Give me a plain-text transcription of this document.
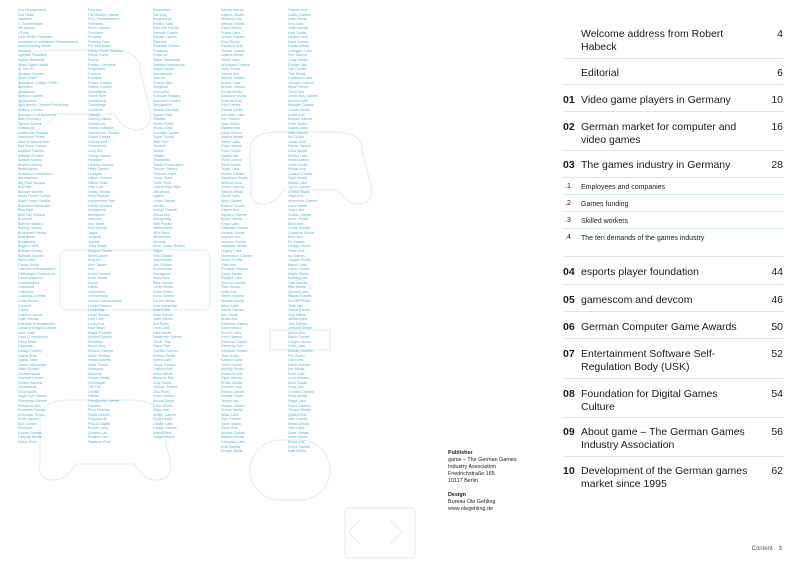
2nd Management
2nd Heart
aaaahhh
1. Eichenmuller
3R Games
4 Rock
A&B Media Computer
Academy of Interactive Entertainment
ActiveGaming Media
Aerosoft
Agentur Fanatisch
Ahead Ministries
Ahaa Digital Media
Al Toni IO
Alcatron Games
AMA GmbH
Animation Design GmbH
Animatrix
Antagonist
Apeiron Games
Appsfactory
AppLaunch Creative Publishing
Artillery Games
Astragon Entertainment
Atari Germany
Aurora Games
Avalanche
Avalanche Studios
Awesome Pixels
Back to Basics Hub
Bad Brain Games
Badland Games
Ballistic Studios
Bandai Namco
Bayern Games
Beatshapers
Behaviour Interactive
Bertelsmann
Big Pixel Studios
BigPoint
Bitwave Games
Black Forest Games
Black Tower Studios
Blackbird Interactive
Blue Byte
Blue Sky Studios
Bluehole
Bob the Wizard
Boeing Games
Brainseed Factory
Braingame
Breakpoint
Bright Future
Brilliant Games
Bulwark Studios
Bytro Labs
Candy Media
Chimera Entertainment
Cliffhanger Productions
Cloud Imperium
Codemasters
Coldwood
Collabora
Colossus Games
Crazy Bunch
Crenetic
Crytek
Cultural Games
Cyan Worlds
Daedalic Entertainment
Dancing Dragon Games
Dark Cube
Deck13 Interactive
Deep Silver
Dejobaan
Design Factory
Digital Bros
Digital Tales
Disney Interactive
Dlala Studios
Doublemoose
Dovetail Games
Dream Harvest
Dreamlords
Dual Studio
Eagle Eye Games
Edelweiss Games
Electronic Arts
Elements Games
Embracer Group
Enter Games
Epic Games
Everbyte
Exozet Games
Fairplay Media
Fancy Pixel
Fast Arts
Fat Monkey Games
FDG Entertainment
Fernwerk
Ferox Games
Firebrand
Fishlabs
Flaming Fowl
Flix Interactive
Flying Sheep Studios
Focus Home
Fourzy
Freaky Creations
Frogwares
Funcom
Funatics
Fusion Games
Galaxy Games
Gambitious
Game Seer
Gamebook
Gameforge
Gameloft
Gamigo
Gaming Minds
Gentlymad
Giants Software
GoodGame Studios
Grand Games
Gravity Well
Greenheart
Grey Box
Handy Games
Hardlight
Headup Games
Hello Games
Hexagon
Higher Ground
HitBox Team
Holy Cow
Honig Studios
Ideal Studios
Independent Arts
Infinite Dreams
Innogames
Inselspiele
Intenium
Iron Tower
Isbit Games
Jagex
Jollypad
Joyride
Juicy Beast
Kalypso Media
KeenGames
King Art
Kite Games
Klei
Kolibri Games
Koch Media
Kunos
Lab42
Laboratory
Lemonbomb
Limbic Entertainment
Linked Games
Lionbridge
Local Heroes
Lost Tribe
Lucky Kat
Mad Head
Magic Pockets
Mimimi Games
Mindfield
Mixed Bag
Modern Games
Moon Studios
Nordic Games
Ninja Theory
Northplay
Nukklear
Ocean Media
Ohrenspiel
Old Fox
OneBit
Orbital
Paintbucket Games
Paradox
Pixel Maniacs
Playa Games
Playdigious
Plug In Digital
Purple Lamp
Quantic Lab
Radical Fish
Rainbow Pixel
Randomics
Rat King
Realmforge
Reality Twist
Red Kite Games
Remote Control
Replay Games
Ripstone
Rockfish Games
Rokaplay
Royal Art
Saber Interactive
Sandbox Interactive
Sega Europe
Semaeopus
Shin'en
Sixteen Bits
Slingshot
Snowprint
Software Factory
Spectrum Games
Spellgarden
Splash Damage
Square Enix
Stillalive
Studio Fizbin
Studio Gobo
Sunlight Games
Super Crowd
Take-Two
Tamsoft
Team17
Telltale
Thunderful
Toplitz Productions
Travian Games
Treasure Hunt
Trinity Team
Turtle Rock
Ubisoft Blue Byte
Ultrashock
Upjers
Urban Games
Vanilla
Vertigo Games
Virtual Arts
Wargaming
Well Played
Weltenbauer
Wild River
Winterkalte
Wizards
Xbox Game Studios
Yager
Yello Studio
Zauberwald
Zen Studios
Zockerbude
Zwergpunk
Alpha Arts
Beta Games
Circle Studio
Delta Works
Echo Games
Foxtrot Media
Golf Interactive
Hotel Pixel
India Games
Juliet Studio
Kilo Bytes
Lima Labs
Mike Media
November Games
Oscar Play
Papa Pixel
Quebec Games
Romeo Studio
Sierra Labs
Tango Games
Uniform Arts
Victor Media
Whiskey Bits
Xray Studio
Yankee Games
Zulu Pixel
Arctic Games
Boreal Media
Coral Studio
Dune Arts
Ember Games
Fjord Media
Glacier Labs
Harbor Games
Island Pixel
Jungle Works
Karma Games
Lagoon Studio
Meadow Arts
Nebula Games
Oasis Media
Prairie Labs
Quarry Games
Reef Studio
Savanna Arts
Tundra Games
Upland Media
Valley Labs
Woodland Games
Xeric Studio
Yarrow Arts
Zephyr Games
Amber Labs
Bronze Games
Cobalt Media
Diamond Studio
Emerald Arts
Flint Games
Garnet Media
Hematite Labs
Iron Games
Jade Studio
Kyanite Arts
Lapis Games
Marble Media
Nickel Labs
Onyx Games
Pearl Studio
Quartz Arts
Ruby Games
Silver Media
Topaz Labs
Umber Games
Vanadium Studio
Wolfram Arts
Xenon Games
Yttrium Media
Zircon Labs
Apex Games
Beacon Studio
Citadel Arts
Dynamo Games
Epoch Media
Forge Labs
Gateway Games
Horizon Studio
Impulse Arts
Journey Games
Keystone Media
Legacy Labs
Momentum Games
Nexus Studio
Orbit Arts
Pinnacle Games
Quest Media
Radiant Labs
Summit Games
Titan Studio
Unity Arts
Vertex Games
Voyage Media
Wave Labs
Zenith Games
Alto Studio
Bravo Arts
Cadence Games
Dolce Media
Encore Labs
Forte Games
Grazioso Studio
Harmony Arts
Interlude Games
Jazz Media
Kantate Labs
Lento Games
Melody Studio
Nocturne Arts
Opus Games
Presto Media
Quartet Labs
Rondo Games
Sonata Studio
Tempo Arts
Unison Games
Vivace Media
Waltz Labs
Xylo Games
Yodel Studio
Zither Arts
Anchor Games
Bastion Media
Compass Labs
Drift Games
Ensign Studio
Fathom Arts
Galley Games
Helm Media
Inlet Labs
Jetty Games
Keel Studio
Lantern Arts
Mast Games
Nautic Media
Outrigger Labs
Port Games
Quay Studio
Rudder Arts
Sail Games
Tide Media
Undertow Labs
Voyager Games
Wharf Studio
Yacht Arts
Zenith Bay Games
Aurora Labs
Borealis Games
Comet Studio
Draco Arts
Eclipse Games
Flare Media
Galaxy Labs
Halo Games
Ion Studio
Jovian Arts
Kepler Games
Luna Media
Meteor Labs
Nova Games
Orion Studio
Pulsar Arts
Quasar Games
Rigel Media
Stellar Labs
Tycho Games
Umbra Studio
Vega Arts
Wormhole Games
Xena Media
Ymir Labs
Zodiac Games
Acorn Studio
Birch Arts
Cedar Games
Dogwood Media
Elm Labs
Fir Games
Ginkgo Studio
Hazel Arts
Ivy Games
Juniper Media
Kapok Labs
Larch Games
Maple Studio
Nutmeg Arts
Oak Games
Pine Media
Quince Labs
Rowan Games
Spruce Studio
Teak Arts
Ulmus Games
Vine Media
Willow Labs
Yew Games
Zelkova Studio
Alpine Arts
Basin Games
Canyon Media
Delta Labs
Estuary Games
Fell Studio
Glen Arts
Heath Games
Isle Media
Knoll Labs
Loch Games
Moor Studio
Nook Arts
Orchard Games
Peak Media
Ridge Labs
Slope Games
Thicket Studio
Upland Arts
Vale Games
Weald Media
Yard Labs
Zone Games
Alder Studio
Brook Arts
Creek Games
Dale Media	Publisher
game – The German Games
Industry Association
Friedrichstraße 165
10117 Berlin
Design
Bureau Ole Gehling
www.olegehling.de
Welcome address from Robert Habeck
4
Editorial	6
01 Video game players in Germany	10
02 German market for computer and video games
16
03 The games industry in Germany	28
.1 Employees and companies
.2 Games funding
.3 Skilled workers
.4 The ten demands of the games industry
04 esports player foundation	44
05 gamescom and devcom	46
06 German Computer Game Awards	50
07 Entertainment Software Self-Regulation Body (USK)
52
08 Foundation for Digital Games Culture
54
09 About game – The German Games Industry Association
56
10 Development of the German games market since 1995
62
Content 3
